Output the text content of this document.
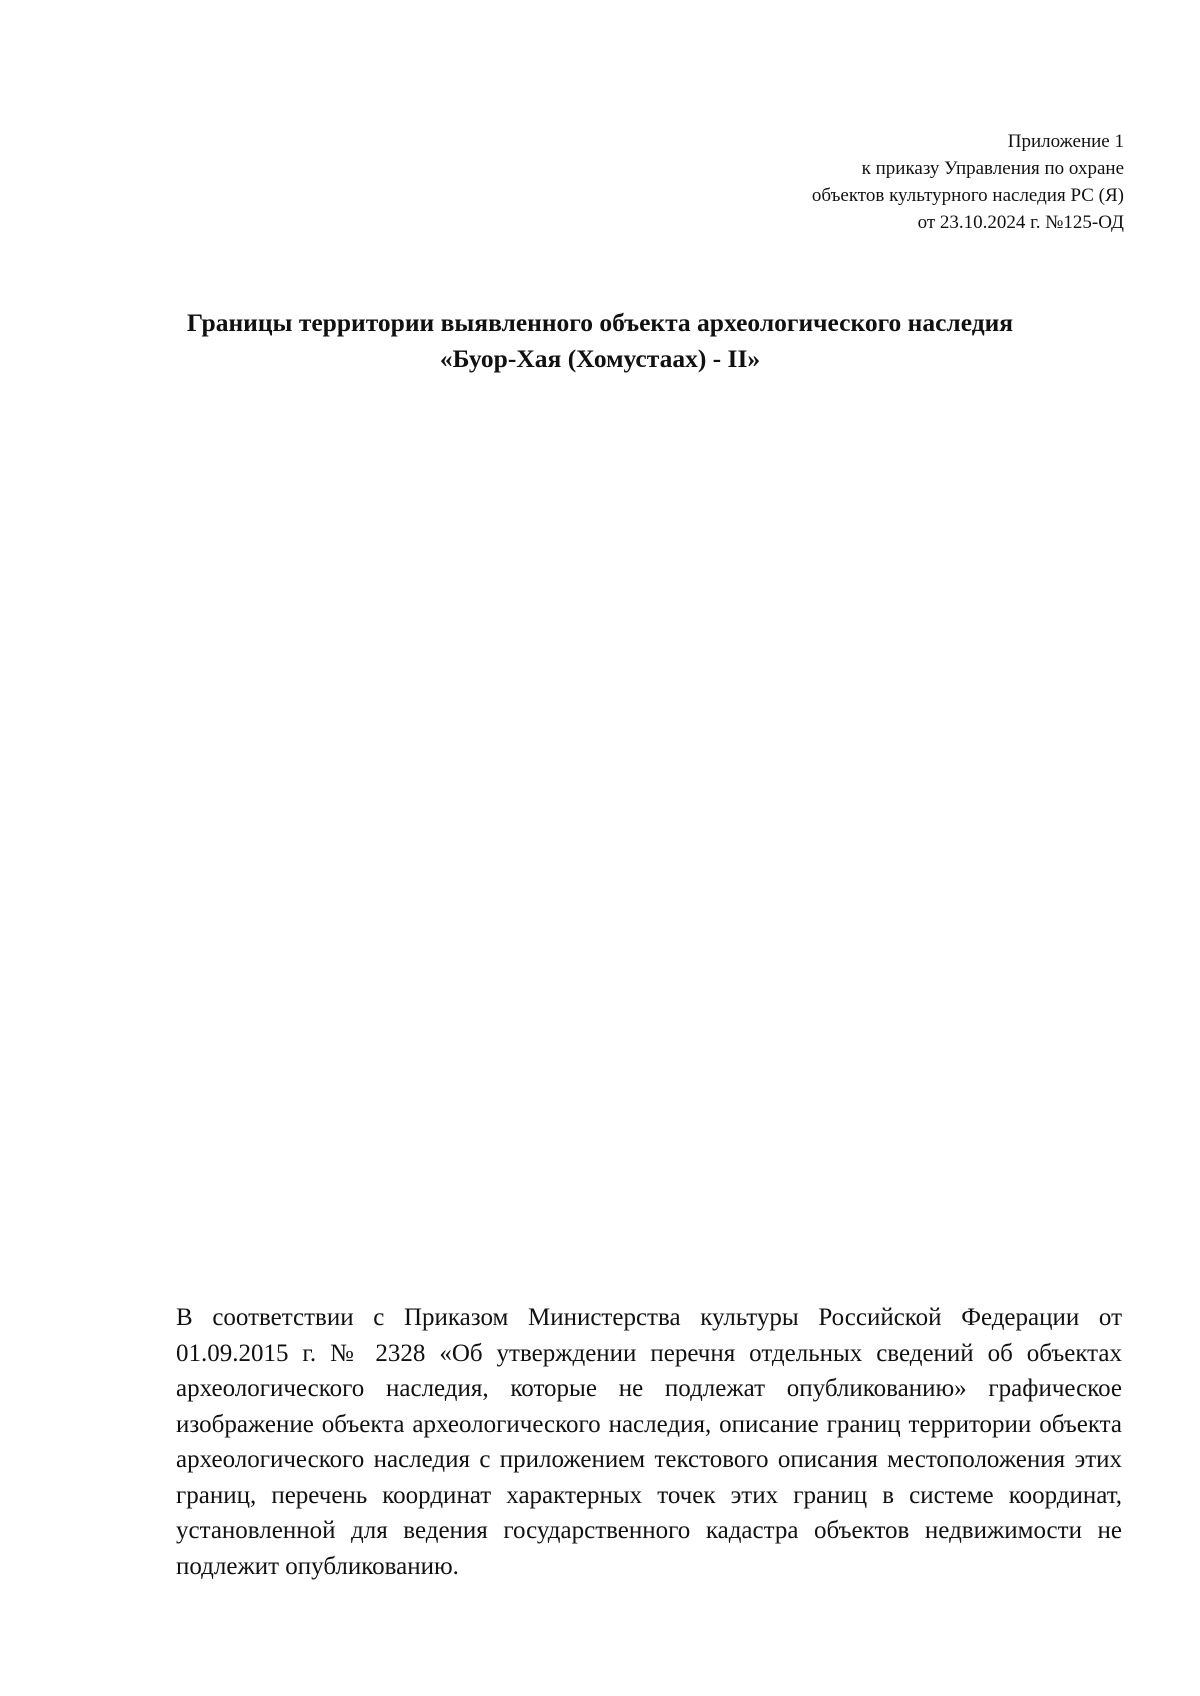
Приложение 1
к приказу Управления по охране
объектов культурного наследия РС (Я)
от 23.10.2024 г. №125-ОД
Границы территории выявленного объекта археологического наследия
«Буор-Хая (Хомустаах) - II»
В соответствии с Приказом Министерства культуры Российской Федерации от 01.09.2015 г. № 2328 «Об утверждении перечня отдельных сведений об объектах археологического наследия, которые не подлежат опубликованию» графическое изображение объекта археологического наследия, описание границ территории объекта археологического наследия с приложением текстового описания местоположения этих границ, перечень координат характерных точек этих границ в системе координат, установленной для ведения государственного кадастра объектов недвижимости не подлежит опубликованию.
